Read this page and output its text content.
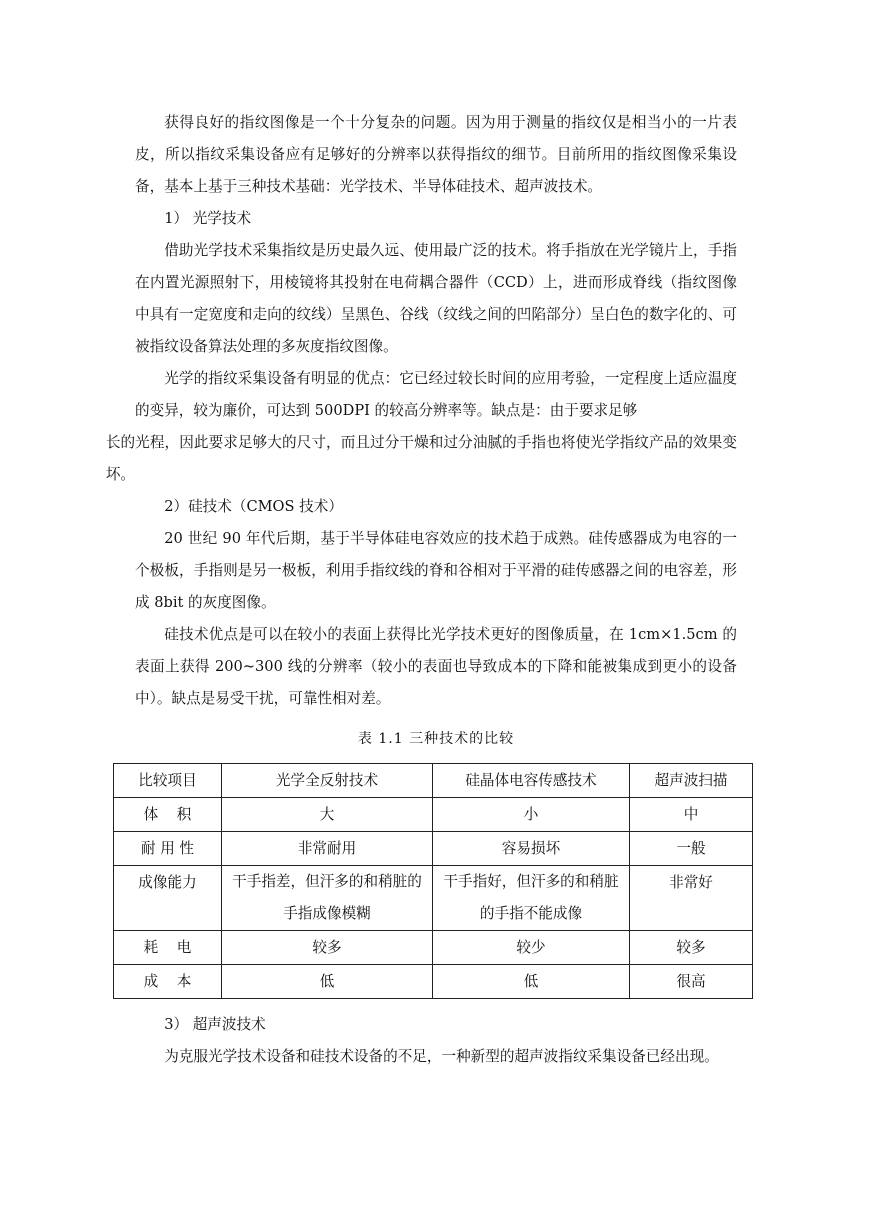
获得良好的指纹图像是一个十分复杂的问题。因为用于测量的指纹仅是相当小的一片表皮，所以指纹采集设备应有足够好的分辨率以获得指纹的细节。目前所用的指纹图像采集设备，基本上基于三种技术基础：光学技术、半导体硅技术、超声波技术。

1） 光学技术

借助光学技术采集指纹是历史最久远、使用最广泛的技术。将手指放在光学镜片上，手指在内置光源照射下，用棱镜将其投射在电荷耦合器件（CCD）上，进而形成脊线（指纹图像中具有一定宽度和走向的纹线）呈黑色、谷线（纹线之间的凹陷部分）呈白色的数字化的、可被指纹设备算法处理的多灰度指纹图像。

光学的指纹采集设备有明显的优点：它已经过较长时间的应用考验，一定程度上适应温度的变异，较为廉价，可达到 500DPI 的较高分辨率等。缺点是：由于要求足够

长的光程，因此要求足够大的尺寸，而且过分干燥和过分油腻的手指也将使光学指纹产品的效果变坏。

2）硅技术（CMOS 技术）

20 世纪 90 年代后期，基于半导体硅电容效应的技术趋于成熟。硅传感器成为电容的一个极板，手指则是另一极板，利用手指纹线的脊和谷相对于平滑的硅传感器之间的电容差，形成 8bit 的灰度图像。

硅技术优点是可以在较小的表面上获得比光学技术更好的图像质量，在 1cm×1.5cm 的表面上获得 200~300 线的分辨率（较小的表面也导致成本的下降和能被集成到更小的设备中）。缺点是易受干扰，可靠性相对差。

表 1.1 三种技术的比较
比较项目	光学全反射技术	硅晶体电容传感技术	超声波扫描
体    积	大	小	中
耐 用 性	非常耐用	容易损坏	一般
成像能力	干手指差，但汗多的和稍脏的手指成像模糊	干手指好，但汗多的和稍脏的手指不能成像	非常好
耗    电	较多	较少	较多
成    本	低	低	很高

3） 超声波技术

为克服光学技术设备和硅技术设备的不足，一种新型的超声波指纹采集设备已经出现。
